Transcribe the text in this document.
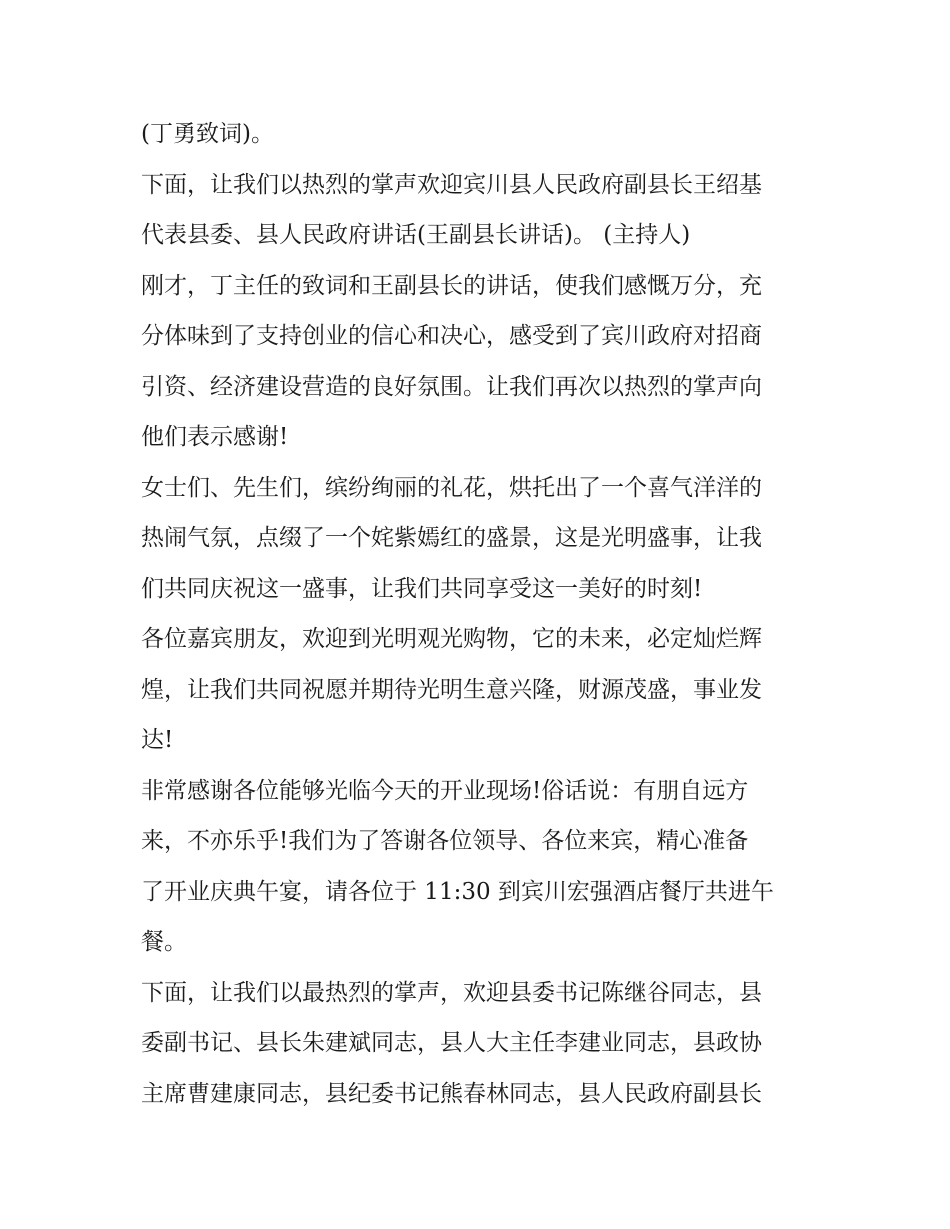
(丁勇致词)。

下面，让我们以热烈的掌声欢迎宾川县人民政府副县长王绍基
代表县委、县人民政府讲话(王副县长讲话)。 (主持人)

刚才，丁主任的致词和王副县长的讲话，使我们感慨万分，充
分体味到了支持创业的信心和决心，感受到了宾川政府对招商
引资、经济建设营造的良好氛围。让我们再次以热烈的掌声向
他们表示感谢!

女士们、先生们，缤纷绚丽的礼花，烘托出了一个喜气洋洋的
热闹气氛，点缀了一个姹紫嫣红的盛景，这是光明盛事，让我
们共同庆祝这一盛事，让我们共同享受这一美好的时刻!

各位嘉宾朋友，欢迎到光明观光购物，它的未来，必定灿烂辉
煌，让我们共同祝愿并期待光明生意兴隆，财源茂盛，事业发
达!

非常感谢各位能够光临今天的开业现场!俗话说：有朋自远方
来，不亦乐乎!我们为了答谢各位领导、各位来宾，精心准备
了开业庆典午宴，请各位于 11:30 到宾川宏强酒店餐厅共进午
餐。

下面，让我们以最热烈的掌声，欢迎县委书记陈继谷同志，县
委副书记、县长朱建斌同志，县人大主任李建业同志，县政协
主席曹建康同志，县纪委书记熊春林同志，县人民政府副县长
